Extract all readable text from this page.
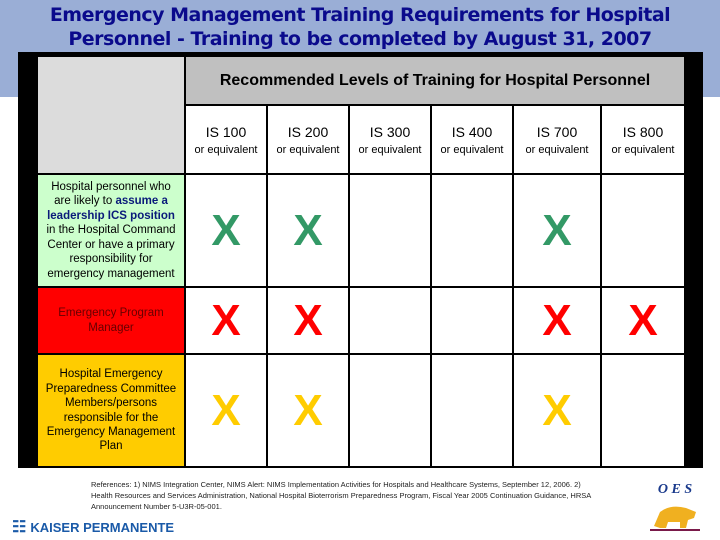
Emergency Management Training Requirements for Hospital
Personnel - Training to be completed by August 31, 2007
	Recommended Levels of Training for Hospital Personnel					
	IS 100
or equivalent	IS 200
or equivalent	IS 300
or equivalent	IS 400
or equivalent	IS 700
or equivalent	IS 800
or equivalent

Hospital personnel who are likely to assume a leadership ICS position in the Hospital Command Center or have a primary responsibility for emergency management	X	X			X	
Emergency Program Manager	X	X			X	X
Hospital Emergency Preparedness Committee Members/persons responsible for the Emergency Management Plan	X	X			X	
References: 1) NIMS Integration Center, NIMS Alert: NIMS Implementation Activities for Hospitals and Healthcare Systems, September 12, 2006. 2) Health Resources and Services Administration, National Hospital Bioterrorism Preparedness Program, Fiscal Year 2005 Continuation Guidance, HRSA Announcement Number 5-U3R-05-001.
☷ KAISER PERMANENTE
O E S
